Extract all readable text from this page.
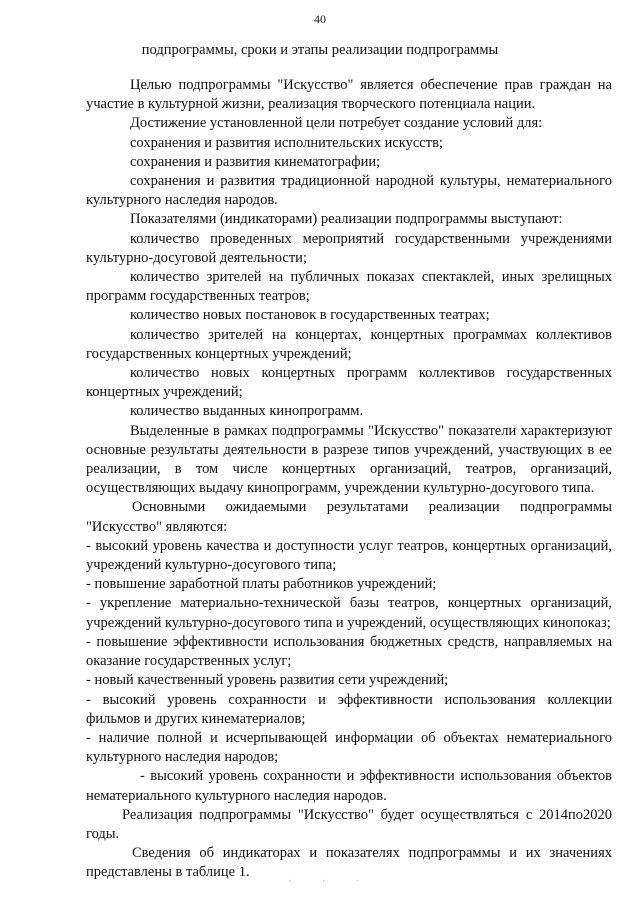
40
подпрограммы, сроки и этапы реализации подпрограммы

Целью подпрограммы "Искусство" является обеспечение прав граждан на участие в культурной жизни, реализация творческого потенциала нации.

Достижение установленной цели потребует создание условий для:

сохранения и развития исполнительских искусств;

сохранения и развития кинематографии;

сохранения и развития традиционной народной культуры, нематериального культурного наследия народов.

Показателями (индикаторами) реализации подпрограммы выступают:

количество проведенных мероприятий государственными учреждениями культурно-досуговой деятельности;

количество зрителей на публичных показах спектаклей, иных зрелищных программ государственных театров;

количество новых постановок в государственных театрах;

количество зрителей на концертах, концертных программах коллективов государственных концертных учреждений;

количество новых концертных программ коллективов государственных концертных учреждений;

количество выданных кинопрограмм.

Выделенные в рамках подпрограммы "Искусство" показатели характеризуют основные результаты деятельности в разрезе типов учреждений, участвующих в ее реализации, в том числе концертных организаций, театров, организаций, осуществляющих выдачу кинопрограмм, учреждении культурно-досугового типа.

Основными ожидаемыми результатами реализации подпрограммы "Искусство" являются:

- высокий уровень качества и доступности услуг театров, концертных организаций, учреждений культурно-досугового типа;

- повышение заработной платы работников учреждений;

- укрепление материально-технической базы театров, концертных организаций, учреждений культурно-досугового типа и учреждений, осуществляющих кинопоказ;

- повышение эффективности использования бюджетных средств, направляемых на оказание государственных услуг;

- новый качественный уровень развития сети учреждений;

- высокий уровень сохранности и эффективности использования коллекции фильмов и других кинематериалов;

- наличие полной и исчерпывающей информации об объектах нематериального культурного наследия народов;

- высокий уровень сохранности и эффективности использования объектов нематериального культурного наследия народов.

Реализация подпрограммы "Искусство" будет осуществляться с 2014по2020 годы.

Сведения об индикаторах и показателях подпрограммы и их значениях представлены в таблице 1.

· · ·
